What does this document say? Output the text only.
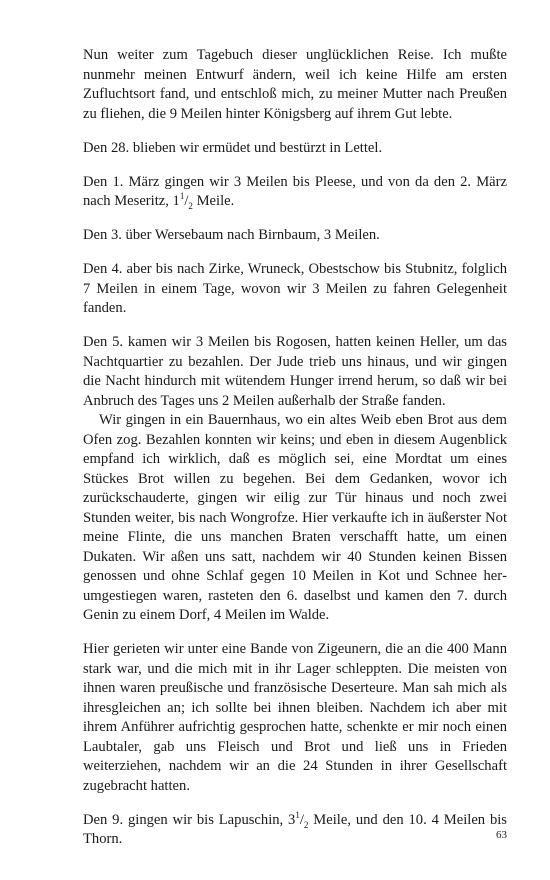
Nun weiter zum Tagebuch dieser unglücklichen Reise. Ich mußte nunmehr meinen Entwurf ändern, weil ich keine Hilfe am ersten Zufluchtsort fand, und entschloß mich, zu meiner Mutter nach Preußen zu fliehen, die 9 Meilen hinter Königsberg auf ihrem Gut lebte.

Den 28. blieben wir ermüdet und bestürzt in Lettel.

Den 1. März gingen wir 3 Meilen bis Pleese, und von da den 2. März nach Meseritz, $1^1/_2$ Meile.

Den 3. über Wersebaum nach Birnbaum, 3 Meilen.

Den 4. aber bis nach Zirke, Wruneck, Obestschow bis Stubnitz, folglich 7 Meilen in einem Tage, wovon wir 3 Meilen zu fahren Gelegenheit fanden.

Den 5. kamen wir 3 Meilen bis Rogosen, hatten keinen Heller, um das Nachtquartier zu bezahlen. Der Jude trieb uns hinaus, und wir gingen die Nacht hindurch mit wütendem Hunger irrend herum, so daß wir bei Anbruch des Tages uns 2 Meilen außerhalb der Straße fanden.

Wir gingen in ein Bauernhaus, wo ein altes Weib eben Brot aus dem Ofen zog. Bezahlen konnten wir keins; und eben in diesem Augenblick empfand ich wirklich, daß es möglich sei, eine Mordtat um eines Stückes Brot willen zu begehen. Bei dem Gedanken, wovor ich zurückschauderte, gingen wir eilig zur Tür hinaus und noch zwei Stunden weiter, bis nach Wongrofze. Hier verkaufte ich in äußerster Not meine Flinte, die uns manchen Braten verschafft hatte, um einen Dukaten. Wir aßen uns satt, nachdem wir 40 Stunden keinen Bissen genossen und ohne Schlaf gegen 10 Meilen in Kot und Schnee herumgestiegen waren, rasteten den 6. daselbst und kamen den 7. durch Genin zu einem Dorf, 4 Meilen im Walde.

Hier gerieten wir unter eine Bande von Zigeunern, die an die 400 Mann stark war, und die mich mit in ihr Lager schleppten. Die meisten von ihnen waren preußische und französische Deserteure. Man sah mich als ihresgleichen an; ich sollte bei ihnen bleiben. Nachdem ich aber mit ihrem Anführer aufrichtig gesprochen hatte, schenkte er mir noch einen Laubtaler, gab uns Fleisch und Brot und ließ uns in Frieden weiterziehen, nachdem wir an die 24 Stunden in ihrer Gesellschaft zugebracht hatten.

Den 9. gingen wir bis Lapuschin, $3^1/_2$ Meile, und den 10. 4 Meilen bis Thorn.	63
